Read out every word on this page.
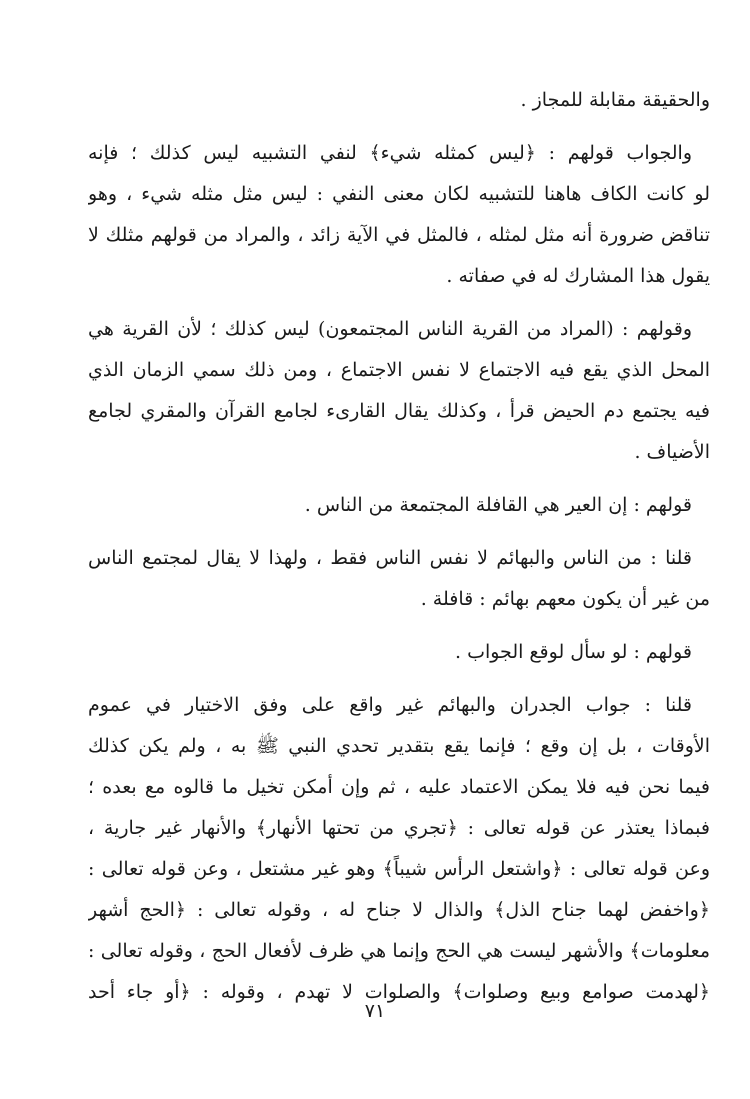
والحقيقة مقابلة للمجاز .
والجواب قولهم : ﴿ليس كمثله شيء﴾ لنفي التشبيه ليس كذلك ؛ فإنه
لو كانت الكاف هاهنا للتشبيه لكان معنى النفي : ليس مثل مثله شيء ، وهو
تناقض ضرورة أنه مثل لمثله ، فالمثل في الآية زائد ، والمراد من قولهم مثلك لا
يقول هذا المشارك له في صفاته .
وقولهم : (المراد من القرية الناس المجتمعون) ليس كذلك ؛ لأن القرية هي
المحل الذي يقع فيه الاجتماع لا نفس الاجتماع ، ومن ذلك سمي الزمان الذي
فيه يجتمع دم الحيض قرأ ، وكذلك يقال القارىء لجامع القرآن والمقري لجامع
الأضياف .
قولهم : إن العير هي القافلة المجتمعة من الناس .
قلنا : من الناس والبهائم لا نفس الناس فقط ، ولهذا لا يقال لمجتمع الناس
من غير أن يكون معهم بهائم : قافلة .
قولهم : لو سأل لوقع الجواب .
قلنا : جواب الجدران والبهائم غير واقع على وفق الاختيار في عموم
الأوقات ، بل إن وقع ؛ فإنما يقع بتقدير تحدي النبي ﷺ به ، ولم يكن كذلك
فيما نحن فيه فلا يمكن الاعتماد عليه ، ثم وإن أمكن تخيل ما قالوه مع بعده ؛
فبماذا يعتذر عن قوله تعالى : ﴿تجري من تحتها الأنهار﴾ والأنهار غير جارية ،
وعن قوله تعالى : ﴿واشتعل الرأس شيباً﴾ وهو غير مشتعل ، وعن قوله تعالى :
﴿واخفض لهما جناح الذل﴾ والذال لا جناح له ، وقوله تعالى : ﴿الحج أشهر
معلومات﴾ والأشهر ليست هي الحج وإنما هي ظرف لأفعال الحج ، وقوله تعالى :
﴿لهدمت صوامع وبيع وصلوات﴾ والصلوات لا تهدم ، وقوله : ﴿أو جاء أحد
٧١
